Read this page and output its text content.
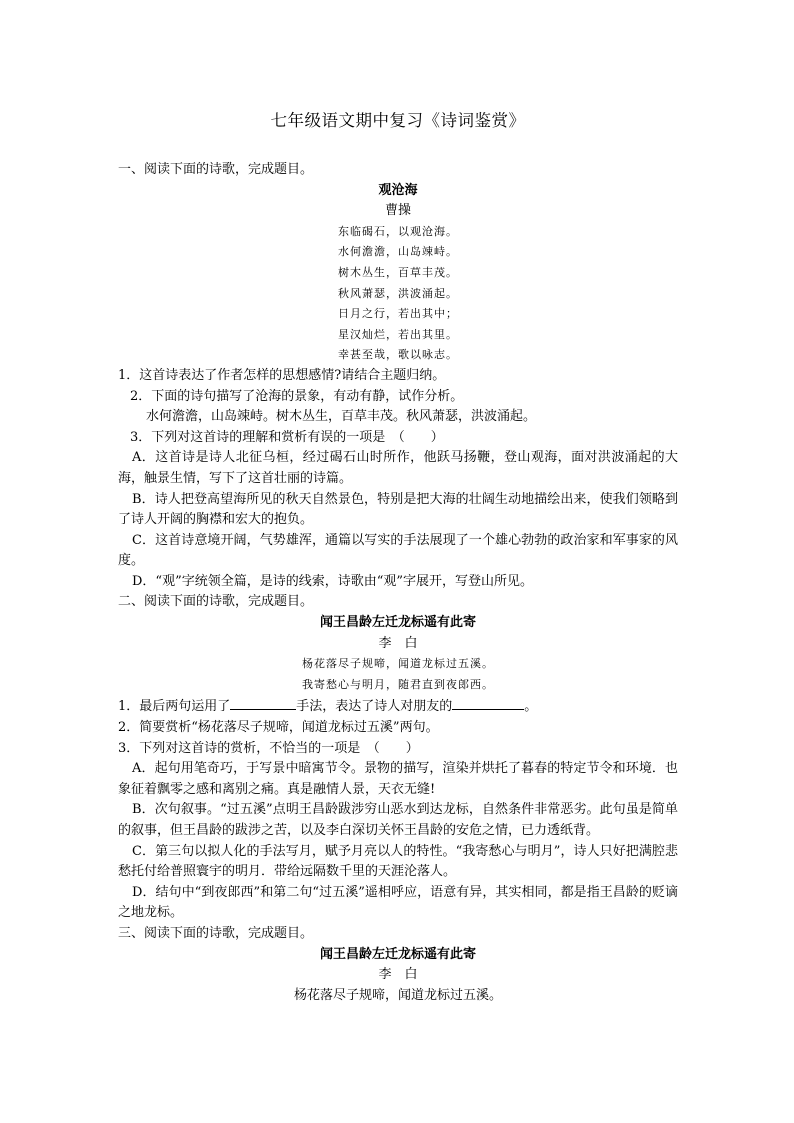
七年级语文期中复习《诗词鉴赏》
一、阅读下面的诗歌，完成题目。
观沧海
曹操
东临碣石，以观沧海。
水何澹澹，山岛竦峙。
树木丛生，百草丰茂。
秋风萧瑟，洪波涌起。
日月之行，若出其中；
星汉灿烂，若出其里。
幸甚至哉，歌以咏志。
1．这首诗表达了作者怎样的思想感情?请结合主题归纳。
2．下面的诗句描写了沧海的景象，有动有静，试作分析。
水何澹澹，山岛竦峙。树木丛生，百草丰茂。秋风萧瑟，洪波涌起。
3．下列对这首诗的理解和赏析有误的一项是　（　　）
A．这首诗是诗人北征乌桓，经过碣石山时所作，他跃马扬鞭，登山观海，面对洪波涌起的大海，触景生情，写下了这首壮丽的诗篇。
B．诗人把登高望海所见的秋天自然景色，特别是把大海的壮阔生动地描绘出来，使我们领略到了诗人开阔的胸襟和宏大的抱负。
C．这首诗意境开阔，气势雄浑，通篇以写实的手法展现了一个雄心勃勃的政治家和军事家的风度。
D．“观”字统领全篇，是诗的线索，诗歌由“观”字展开，写登山所见。
二、阅读下面的诗歌，完成题目。
闻王昌龄左迁龙标遥有此寄
李　白
杨花落尽子规啼，闻道龙标过五溪。
我寄愁心与明月，随君直到夜郎西。
1．最后两句运用了	手法，表达了诗人对朋友的	。
2．简要赏析“杨花落尽子规啼，闻道龙标过五溪”两句。
3．下列对这首诗的赏析，不恰当的一项是　（　　）
A．起句用笔奇巧，于写景中暗寓节令。景物的描写，渲染并烘托了暮春的特定节令和环境．也象征着飘零之感和离别之痛。真是融情人景，天衣无缝!
B．次句叙事。“过五溪”点明王昌龄跋涉穷山恶水到达龙标，自然条件非常恶劣。此句虽是简单的叙事，但王昌龄的跋涉之苦，以及李白深切关怀王昌龄的安危之情，已力透纸背。
C．第三句以拟人化的手法写月，赋予月亮以人的特性。“我寄愁心与明月”，诗人只好把满腔悲愁托付给普照寰宇的明月．带给远隔数千里的天涯沦落人。
D．结句中“到夜郎西”和第二句“过五溪”遥相呼应，语意有异，其实相同，都是指王昌龄的贬谪之地龙标。
三、阅读下面的诗歌，完成题目。
闻王昌龄左迁龙标遥有此寄
李　白
杨花落尽子规啼，闻道龙标过五溪。
